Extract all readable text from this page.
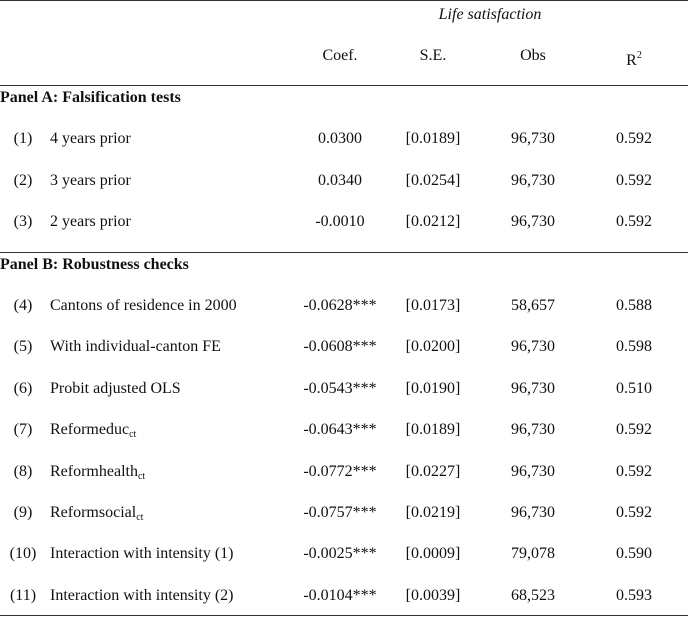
Life satisfaction
Coef.	S.E.	Obs	$R^2$
Panel A: Falsification tests
(1)	4 years prior	0.0300	[0.0189]	96,730	0.592
(2)	3 years prior	0.0340	[0.0254]	96,730	0.592
(3)	2 years prior	-0.0010	[0.0212]	96,730	0.592
Panel B: Robustness checks
(4)	Cantons of residence in 2000	-0.0628***	[0.0173]	58,657	0.588
(5)	With individual-canton FE	-0.0608***	[0.0200]	96,730	0.598
(6)	Probit adjusted OLS	-0.0543***	[0.0190]	96,730	0.510
(7)	Reformeduc$_{ct}$	-0.0643***	[0.0189]	96,730	0.592
(8)	Reformhealth$_{ct}$	-0.0772***	[0.0227]	96,730	0.592
(9)	Reformsocial$_{ct}$	-0.0757***	[0.0219]	96,730	0.592
(10) Interaction with intensity (1)	-0.0025***	[0.0009]	79,078	0.590
(11) Interaction with intensity (2)	-0.0104***	[0.0039]	68,523	0.593
